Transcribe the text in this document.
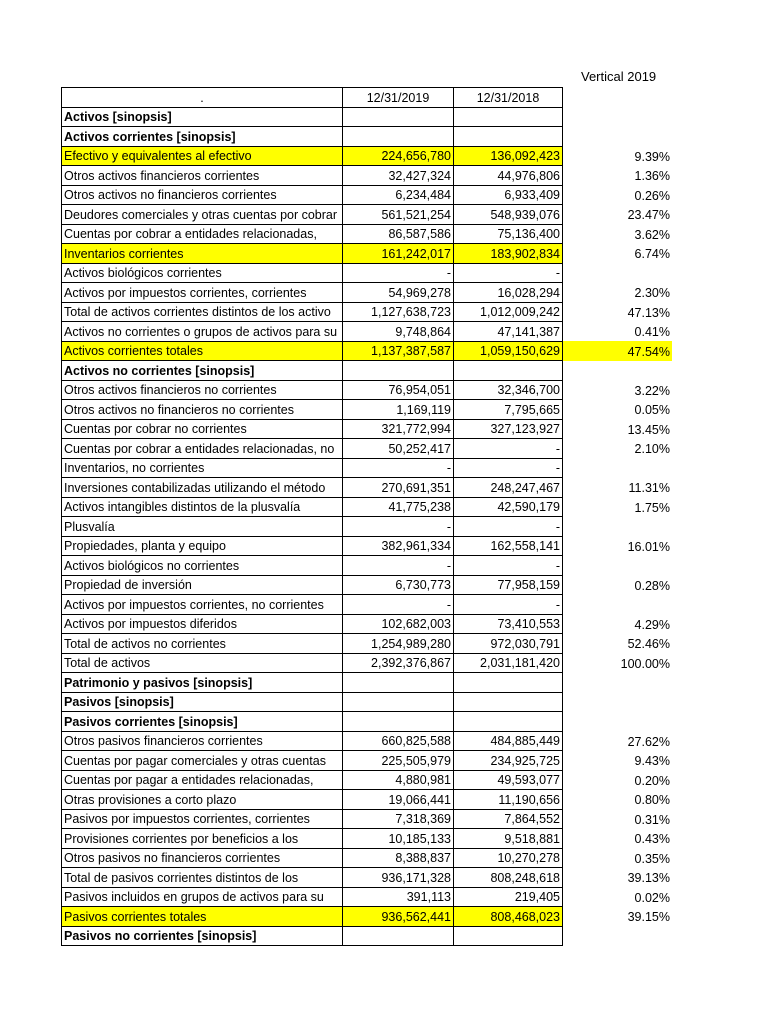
Vertical 2019
.	12/31/2019	12/31/2018	
Activos [sinopsis]			
Activos corrientes [sinopsis]			
Efectivo y equivalentes al efectivo	224,656,780	136,092,423	9.39%
Otros activos financieros corrientes	32,427,324	44,976,806	1.36%
Otros activos no financieros corrientes	6,234,484	6,933,409	0.26%
Deudores comerciales y otras cuentas por cobrar	561,521,254	548,939,076	23.47%
Cuentas por cobrar a entidades relacionadas,	86,587,586	75,136,400	3.62%
Inventarios corrientes	161,242,017	183,902,834	6.74%
Activos biológicos corrientes	-	-	
Activos por impuestos corrientes, corrientes	54,969,278	16,028,294	2.30%
Total de activos corrientes distintos de los activo	1,127,638,723	1,012,009,242	47.13%
Activos no corrientes o grupos de activos para su	9,748,864	47,141,387	0.41%
Activos corrientes totales	1,137,387,587	1,059,150,629	47.54%
Activos no corrientes [sinopsis]			
Otros activos financieros no corrientes	76,954,051	32,346,700	3.22%
Otros activos no financieros no corrientes	1,169,119	7,795,665	0.05%
Cuentas por cobrar no corrientes	321,772,994	327,123,927	13.45%
Cuentas por cobrar a entidades relacionadas, no	50,252,417	-	2.10%
Inventarios, no corrientes	-	-	
Inversiones contabilizadas utilizando el método	270,691,351	248,247,467	11.31%
Activos intangibles distintos de la plusvalía	41,775,238	42,590,179	1.75%
Plusvalía	-	-	
Propiedades, planta y equipo	382,961,334	162,558,141	16.01%
Activos biológicos no corrientes	-	-	
Propiedad de inversión	6,730,773	77,958,159	0.28%
Activos por impuestos corrientes, no corrientes	-	-	
Activos por impuestos diferidos	102,682,003	73,410,553	4.29%
Total de activos no corrientes	1,254,989,280	972,030,791	52.46%
Total de activos	2,392,376,867	2,031,181,420	100.00%
Patrimonio y pasivos [sinopsis]			
Pasivos [sinopsis]			
Pasivos corrientes [sinopsis]			
Otros pasivos financieros corrientes	660,825,588	484,885,449	27.62%
Cuentas por pagar comerciales y otras cuentas	225,505,979	234,925,725	9.43%
Cuentas por pagar a entidades relacionadas,	4,880,981	49,593,077	0.20%
Otras provisiones a corto plazo	19,066,441	11,190,656	0.80%
Pasivos por impuestos corrientes, corrientes	7,318,369	7,864,552	0.31%
Provisiones corrientes por beneficios a los	10,185,133	9,518,881	0.43%
Otros pasivos no financieros corrientes	8,388,837	10,270,278	0.35%
Total de pasivos corrientes distintos de los	936,171,328	808,248,618	39.13%
Pasivos incluidos en grupos de activos para su	391,113	219,405	0.02%
Pasivos corrientes totales	936,562,441	808,468,023	39.15%
Pasivos no corrientes [sinopsis]			
